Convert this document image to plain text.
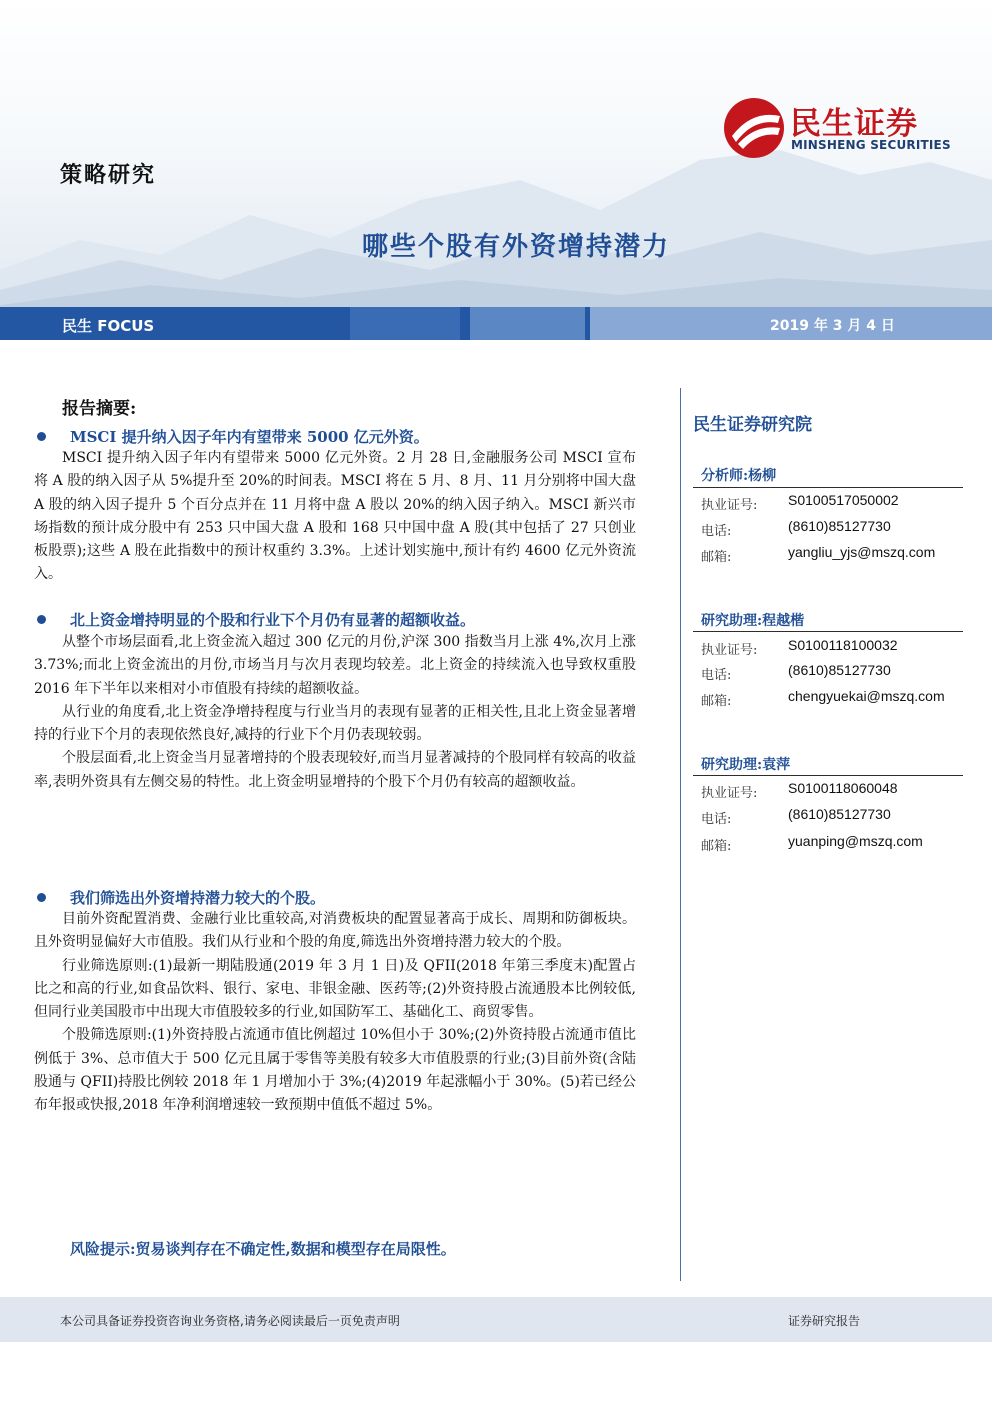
民生证券
MINSHENG SECURITIES
策略研究
哪些个股有外资增持潜力
民生 FOCUS	2019 年 3 月 4 日
报告摘要:
MSCI 提升纳入因子年内有望带来 5000 亿元外资。

MSCI 提升纳入因子年内有望带来 5000 亿元外资。2 月 28 日,金融服务公司 MSCI 宣布将 A 股的纳入因子从 5%提升至 20%的时间表。MSCI 将在 5 月、8 月、11 月分别将中国大盘 A 股的纳入因子提升 5 个百分点并在 11 月将中盘 A 股以 20%的纳入因子纳入。MSCI 新兴市场指数的预计成分股中有 253 只中国大盘 A 股和 168 只中国中盘 A 股(其中包括了 27 只创业板股票);这些 A 股在此指数中的预计权重约 3.3%。上述计划实施中,预计有约 4600 亿元外资流入。

北上资金增持明显的个股和行业下个月仍有显著的超额收益。

从整个市场层面看,北上资金流入超过 300 亿元的月份,沪深 300 指数当月上涨 4%,次月上涨 3.73%;而北上资金流出的月份,市场当月与次月表现均较差。北上资金的持续流入也导致权重股 2016 年下半年以来相对小市值股有持续的超额收益。

从行业的角度看,北上资金净增持程度与行业当月的表现有显著的正相关性,且北上资金显著增持的行业下个月的表现依然良好,减持的行业下个月仍表现较弱。

个股层面看,北上资金当月显著增持的个股表现较好,而当月显著减持的个股同样有较高的收益率,表明外资具有左侧交易的特性。北上资金明显增持的个股下个月仍有较高的超额收益。

我们筛选出外资增持潜力较大的个股。

目前外资配置消费、金融行业比重较高,对消费板块的配置显著高于成长、周期和防御板块。且外资明显偏好大市值股。我们从行业和个股的角度,筛选出外资增持潜力较大的个股。

行业筛选原则:(1)最新一期陆股通(2019 年 3 月 1 日)及 QFII(2018 年第三季度末)配置占比之和高的行业,如食品饮料、银行、家电、非银金融、医药等;(2)外资持股占流通股本比例较低,但同行业美国股市中出现大市值股较多的行业,如国防军工、基础化工、商贸零售。

个股筛选原则:(1)外资持股占流通市值比例超过 10%但小于 30%;(2)外资持股占流通市值比例低于 3%、总市值大于 500 亿元且属于零售等美股有较多大市值股票的行业;(3)目前外资(含陆股通与 QFII)持股比例较 2018 年 1 月增加小于 3%;(4)2019 年起涨幅小于 30%。(5)若已经公布年报或快报,2018 年净利润增速较一致预期中值低不超过 5%。

风险提示:贸易谈判存在不确定性,数据和模型存在局限性。
民生证券研究院
分析师:杨柳
执业证号: S0100517050002
电话:	(8610)85127730
邮箱:	yangliu_yjs@mszq.com
研究助理:程越楷
执业证号: S0100118100032
电话:	(8610)85127730
邮箱:	chengyuekai@mszq.com
研究助理:袁萍
执业证号: S0100118060048
电话:	(8610)85127730
邮箱:	yuanping@mszq.com
本公司具备证券投资咨询业务资格,请务必阅读最后一页免责声明	证券研究报告
